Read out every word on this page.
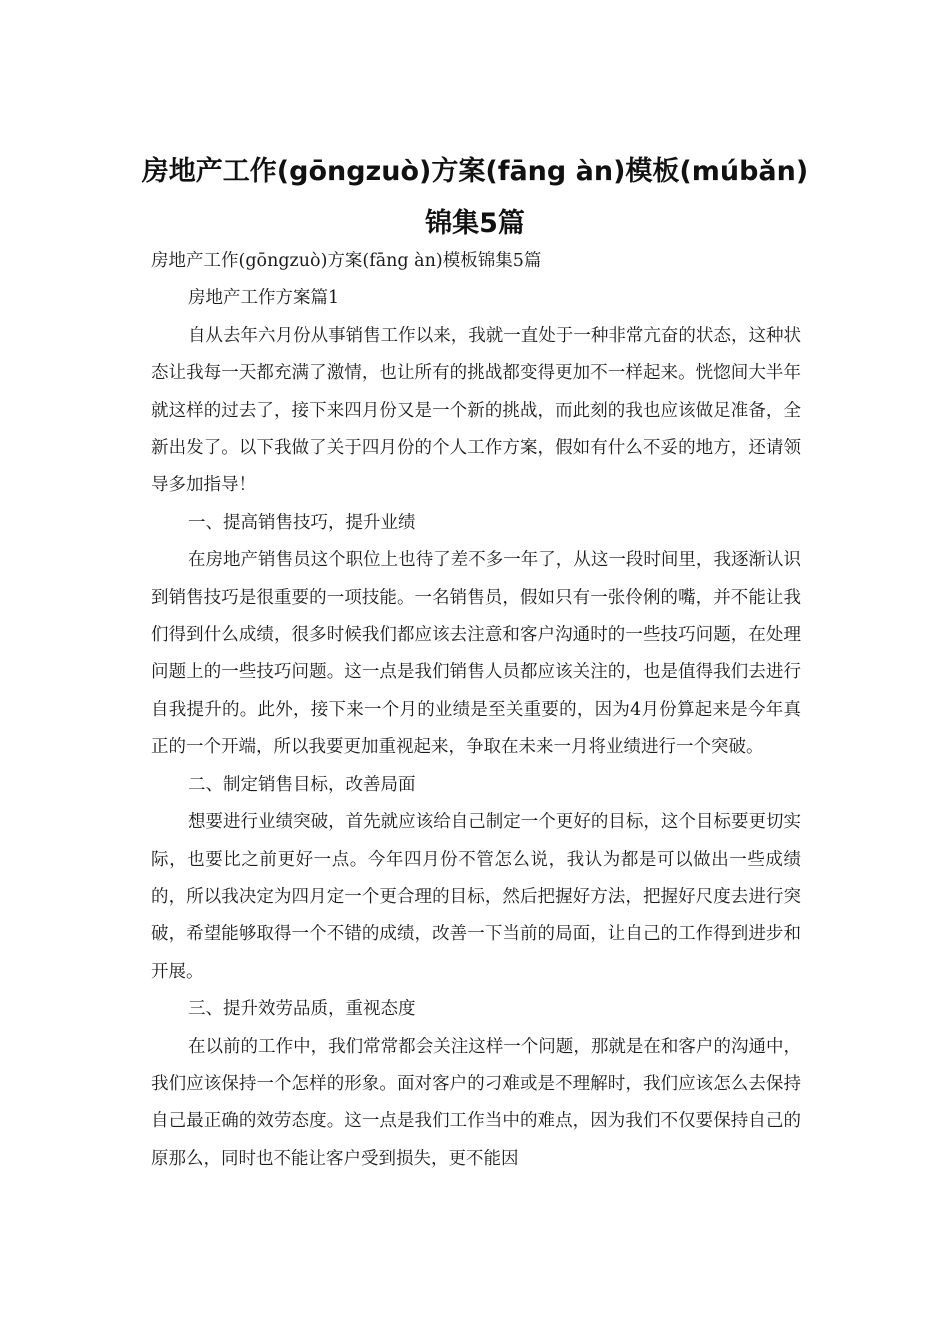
房地产工作(gōngzuò)方案(fāng àn)模板(múbǎn)锦集5篇

房地产工作(gōngzuò)方案(fāng àn)模板锦集5篇

房地产工作方案篇1

自从去年六月份从事销售工作以来，我就一直处于一种非常亢奋的状态，这种状态让我每一天都充满了激情，也让所有的挑战都变得更加不一样起来。恍惚间大半年就这样的过去了，接下来四月份又是一个新的挑战，而此刻的我也应该做足准备，全新出发了。以下我做了关于四月份的个人工作方案，假如有什么不妥的地方，还请领导多加指导！

一、提高销售技巧，提升业绩

在房地产销售员这个职位上也待了差不多一年了，从这一段时间里，我逐渐认识到销售技巧是很重要的一项技能。一名销售员，假如只有一张伶俐的嘴，并不能让我们得到什么成绩，很多时候我们都应该去注意和客户沟通时的一些技巧问题，在处理问题上的一些技巧问题。这一点是我们销售人员都应该关注的，也是值得我们去进行自我提升的。此外，接下来一个月的业绩是至关重要的，因为4月份算起来是今年真正的一个开端，所以我要更加重视起来，争取在未来一月将业绩进行一个突破。

二、制定销售目标，改善局面

想要进行业绩突破，首先就应该给自己制定一个更好的目标，这个目标要更切实际，也要比之前更好一点。今年四月份不管怎么说，我认为都是可以做出一些成绩的，所以我决定为四月定一个更合理的目标，然后把握好方法，把握好尺度去进行突破，希望能够取得一个不错的成绩，改善一下当前的局面，让自己的工作得到进步和开展。

三、提升效劳品质，重视态度

在以前的工作中，我们常常都会关注这样一个问题，那就是在和客户的沟通中，我们应该保持一个怎样的形象。面对客户的刁难或是不理解时，我们应该怎么去保持自己最正确的效劳态度。这一点是我们工作当中的难点，因为我们不仅要保持自己的原那么，同时也不能让客户受到损失，更不能因
